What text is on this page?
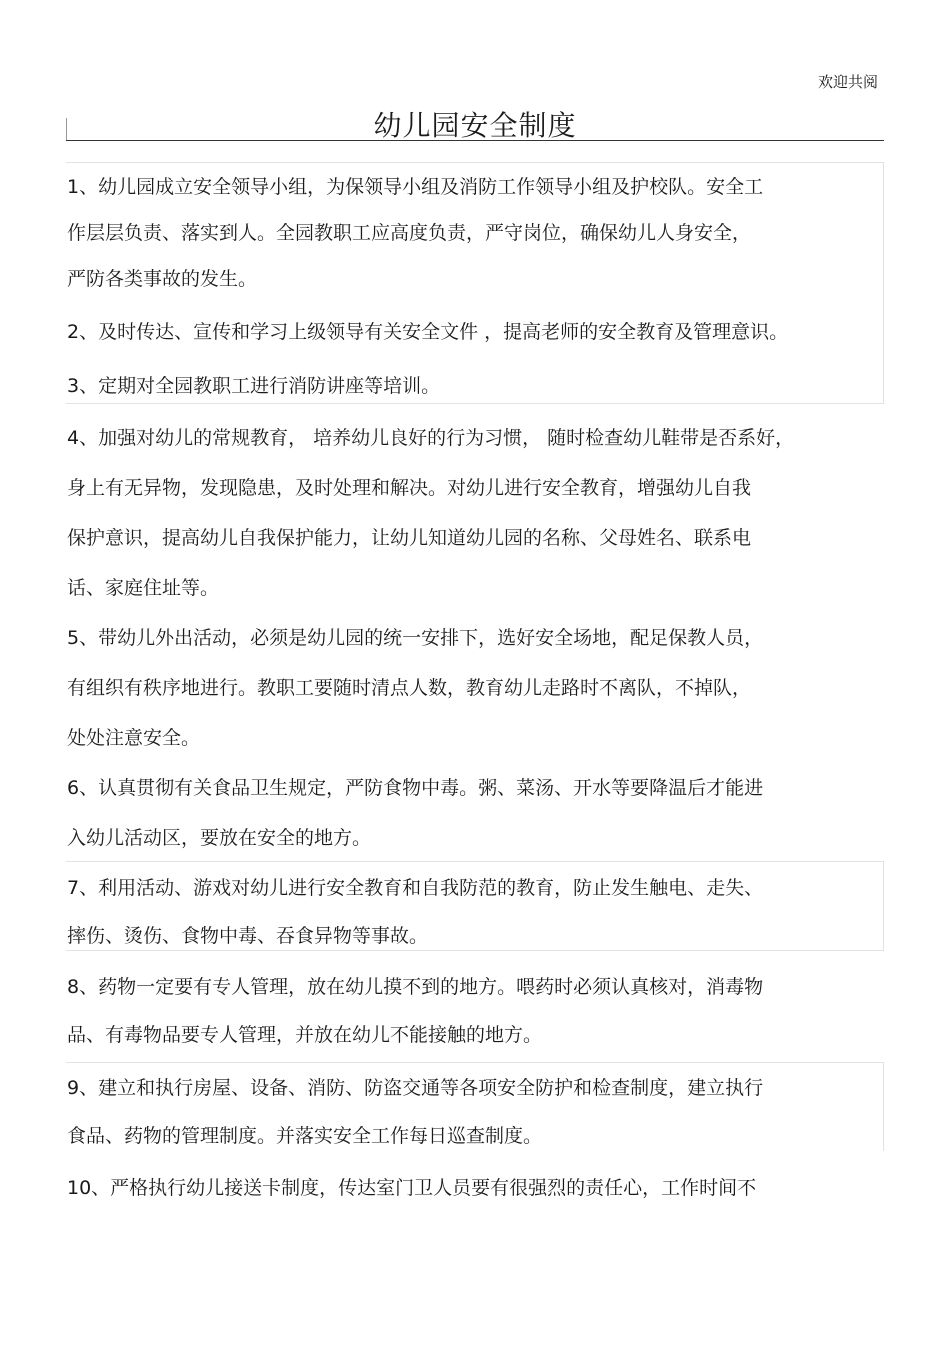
欢迎共阅
幼儿园安全制度
1、幼儿园成立安全领导小组，为保领导小组及消防工作领导小组及护校队。安全工
作层层负责、落实到人。全园教职工应高度负责，严守岗位，确保幼儿人身安全，
严防各类事故的发生。
2、及时传达、宣传和学习上级领导有关安全文件 ，提高老师的安全教育及管理意识。
3、定期对全园教职工进行消防讲座等培训。
4、加强对幼儿的常规教育， 培养幼儿良好的行为习惯， 随时检查幼儿鞋带是否系好，
身上有无异物，发现隐患，及时处理和解决。对幼儿进行安全教育，增强幼儿自我
保护意识，提高幼儿自我保护能力，让幼儿知道幼儿园的名称、父母姓名、联系电
话、家庭住址等。
5、带幼儿外出活动，必须是幼儿园的统一安排下，选好安全场地，配足保教人员，
有组织有秩序地进行。教职工要随时清点人数，教育幼儿走路时不离队，不掉队，
处处注意安全。
6、认真贯彻有关食品卫生规定，严防食物中毒。粥、菜汤、开水等要降温后才能进
入幼儿活动区，要放在安全的地方。
7、利用活动、游戏对幼儿进行安全教育和自我防范的教育，防止发生触电、走失、
摔伤、烫伤、食物中毒、吞食异物等事故。
8、药物一定要有专人管理，放在幼儿摸不到的地方。喂药时必须认真核对，消毒物
品、有毒物品要专人管理，并放在幼儿不能接触的地方。
9、建立和执行房屋、设备、消防、防盗交通等各项安全防护和检查制度，建立执行
食品、药物的管理制度。并落实安全工作每日巡查制度。
10、严格执行幼儿接送卡制度，传达室门卫人员要有很强烈的责任心，工作时间不
